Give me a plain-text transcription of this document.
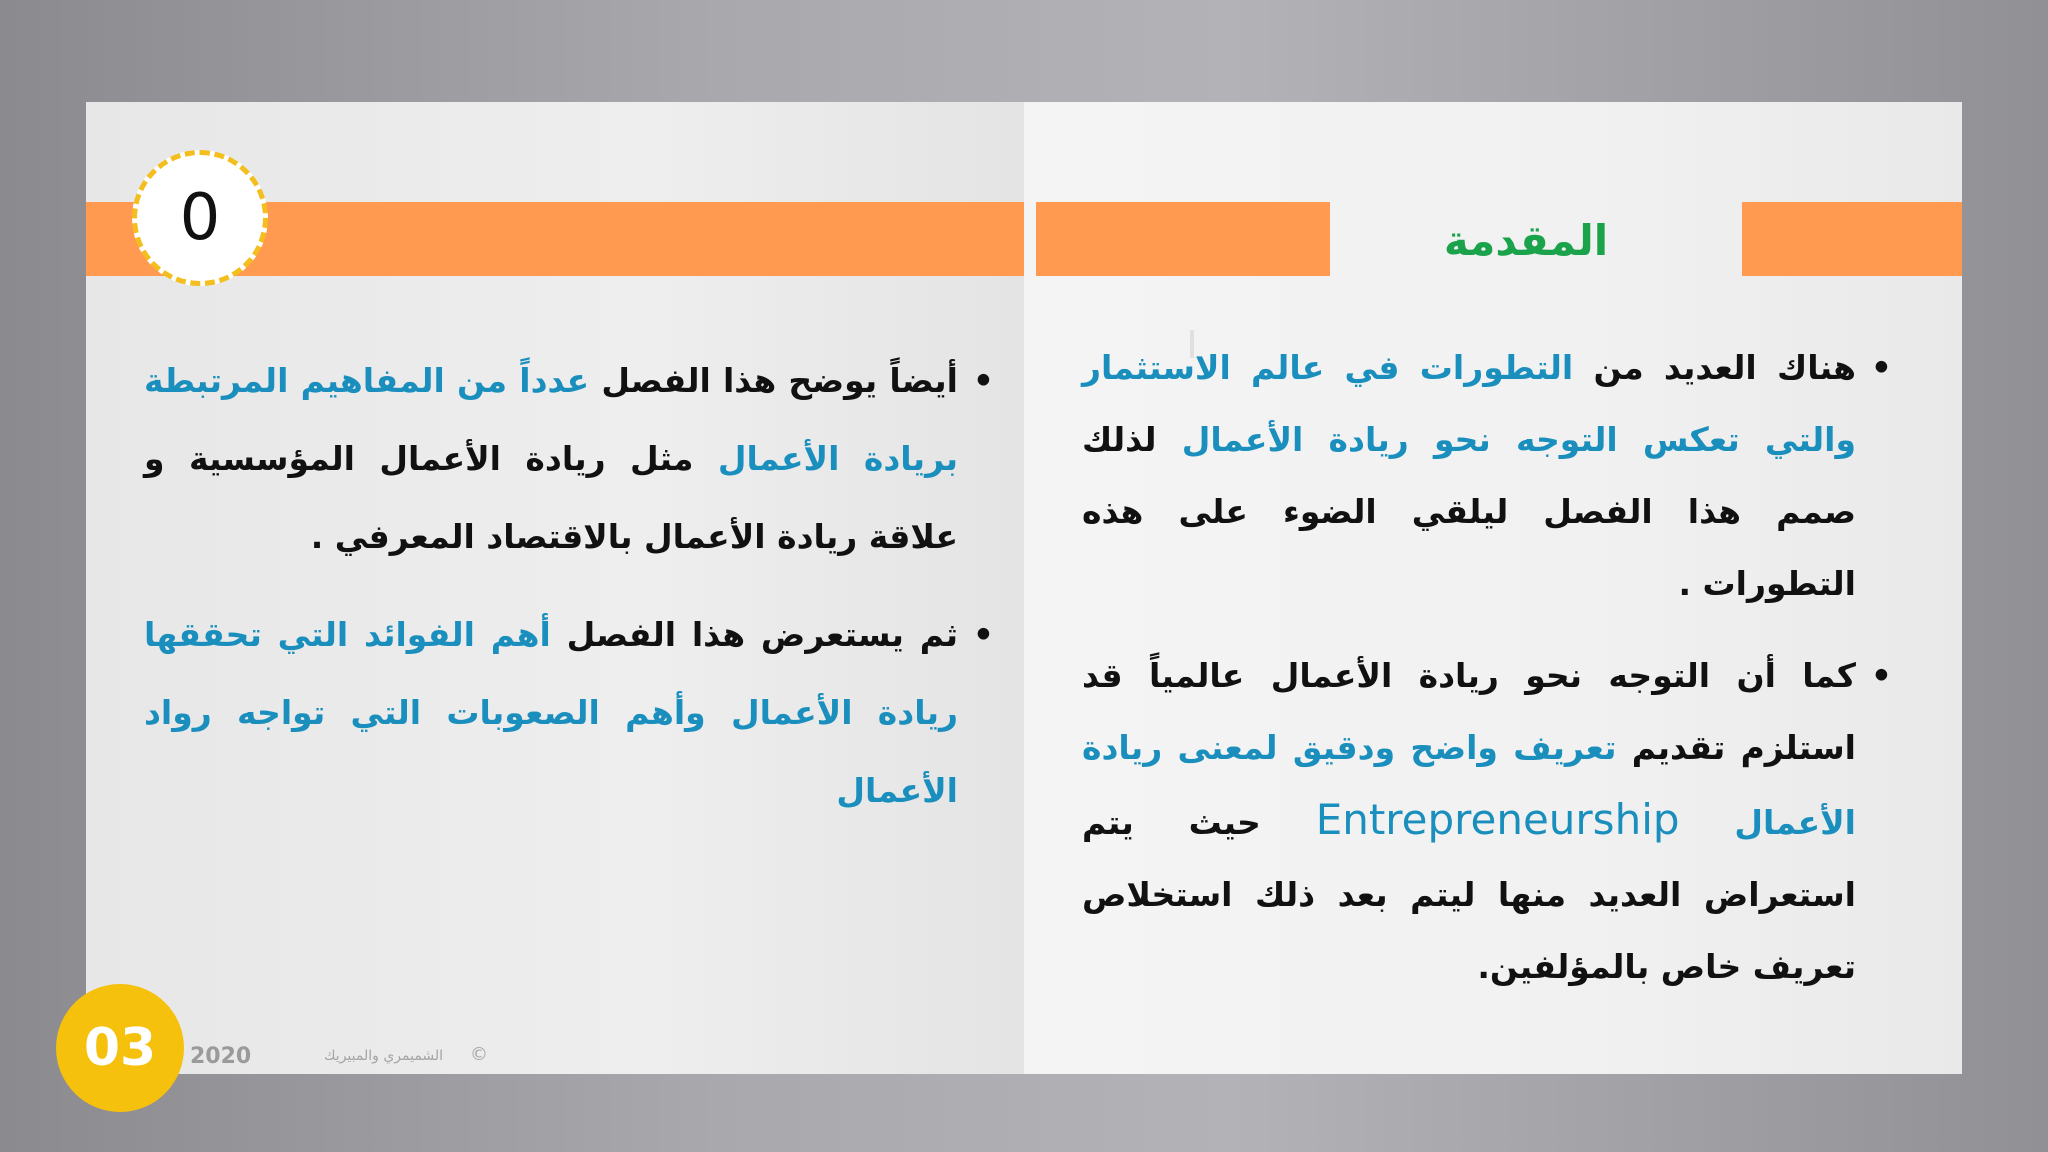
المقدمة
0
• هناك العديد من التطورات في عالم الاستثمار والتي تعكس التوجه نحو ريادة الأعمال لذلك صمم هذا الفصل ليلقي الضوء على هذه التطورات .
• كما أن التوجه نحو ريادة الأعمال عالمياً قد استلزم تقديم تعريف واضح ودقيق لمعنى ريادة الأعمال Entrepreneurship حيث يتم استعراض العديد منها ليتم بعد ذلك استخلاص تعريف خاص بالمؤلفين.
• أيضاً يوضح هذا الفصل عدداً من المفاهيم المرتبطة بريادة الأعمال مثل ريادة الأعمال المؤسسية و علاقة ريادة الأعمال بالاقتصاد المعرفي .
• ثم يستعرض هذا الفصل أهم الفوائد التي تحققها ريادة الأعمال وأهم الصعوبات التي تواجه رواد الأعمال
03	2020	الشميمري والمبيريك ©
